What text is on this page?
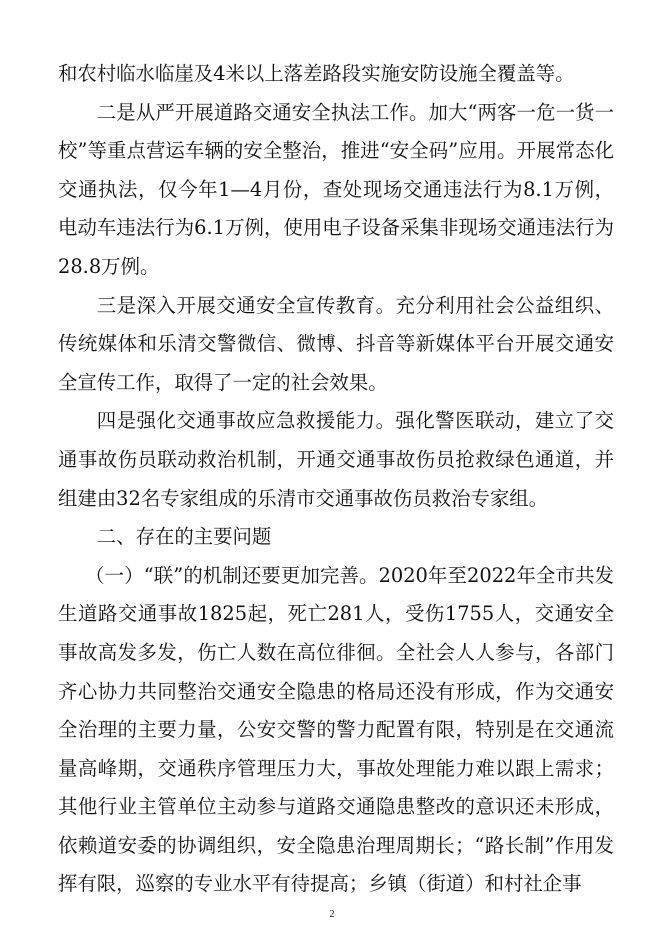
和农村临水临崖及4米以上落差路段实施安防设施全覆盖等。

二是从严开展道路交通安全执法工作。加大“两客一危一货一校”等重点营运车辆的安全整治，推进“安全码”应用。开展常态化交通执法，仅今年1—4月份，查处现场交通违法行为8.1万例，电动车违法行为6.1万例，使用电子设备采集非现场交通违法行为28.8万例。

三是深入开展交通安全宣传教育。充分利用社会公益组织、传统媒体和乐清交警微信、微博、抖音等新媒体平台开展交通安全宣传工作，取得了一定的社会效果。

四是强化交通事故应急救援能力。强化警医联动，建立了交通事故伤员联动救治机制，开通交通事故伤员抢救绿色通道，并组建由32名专家组成的乐清市交通事故伤员救治专家组。

二、存在的主要问题

（一）“联”的机制还要更加完善。2020年至2022年全市共发生道路交通事故1825起，死亡281人，受伤1755人，交通安全事故高发多发，伤亡人数在高位徘徊。全社会人人参与，各部门齐心协力共同整治交通安全隐患的格局还没有形成，作为交通安全治理的主要力量，公安交警的警力配置有限，特别是在交通流量高峰期，交通秩序管理压力大，事故处理能力难以跟上需求；其他行业主管单位主动参与道路交通隐患整改的意识还未形成，依赖道安委的协调组织，安全隐患治理周期长；“路长制”作用发挥有限，巡察的专业水平有待提高；乡镇（街道）和村社企事

2
